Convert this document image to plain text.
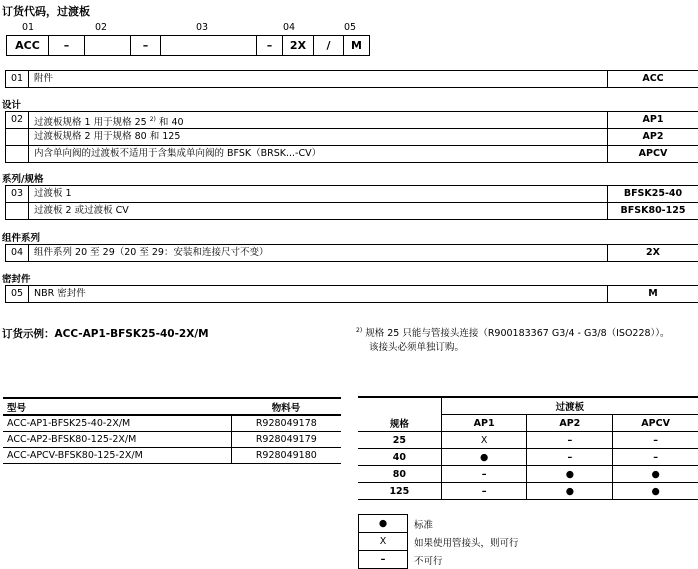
订货代码，过渡板
01	02	03	04	05
ACC	–	–	–	2X	/	M
01	附件	ACC
设计
02	过渡板规格 1 用于规格 25 $^{2)}$ 和 40	AP1
过渡板规格 2 用于规格 80 和 125	AP2
内含单向阀的过渡板不适用于含集成单向阀的 BFSK（BRSK...-CV）	APCV
系列/规格
03	过渡板 1	BFSK25-40
过渡板 2 或过渡板 CV	BFSK80-125
组件系列
04	组件系列 20 至 29（20 至 29：安装和连接尺寸不变）	2X
密封件
05	NBR 密封件	M
订货示例：ACC-AP1-BFSK25-40-2X/M	$^{2)}$ 规格 25 只能与管接头连接（R900183367 G3/4 - G3/8（ISO228））。
该接头必须单独订购。
型号	物料号
ACC-AP1-BFSK25-40-2X/M	R928049178
ACC-AP2-BFSK80-125-2X/M	R928049179
ACC-APCV-BFSK80-125-2X/M	R928049180
	过渡板		
规格	AP1	AP2	APCV
25	X	–	–
40	●	–	–
80	–	●	●
125	–	●	●
●	标准
X	如果使用管接头，则可行
–	不可行
